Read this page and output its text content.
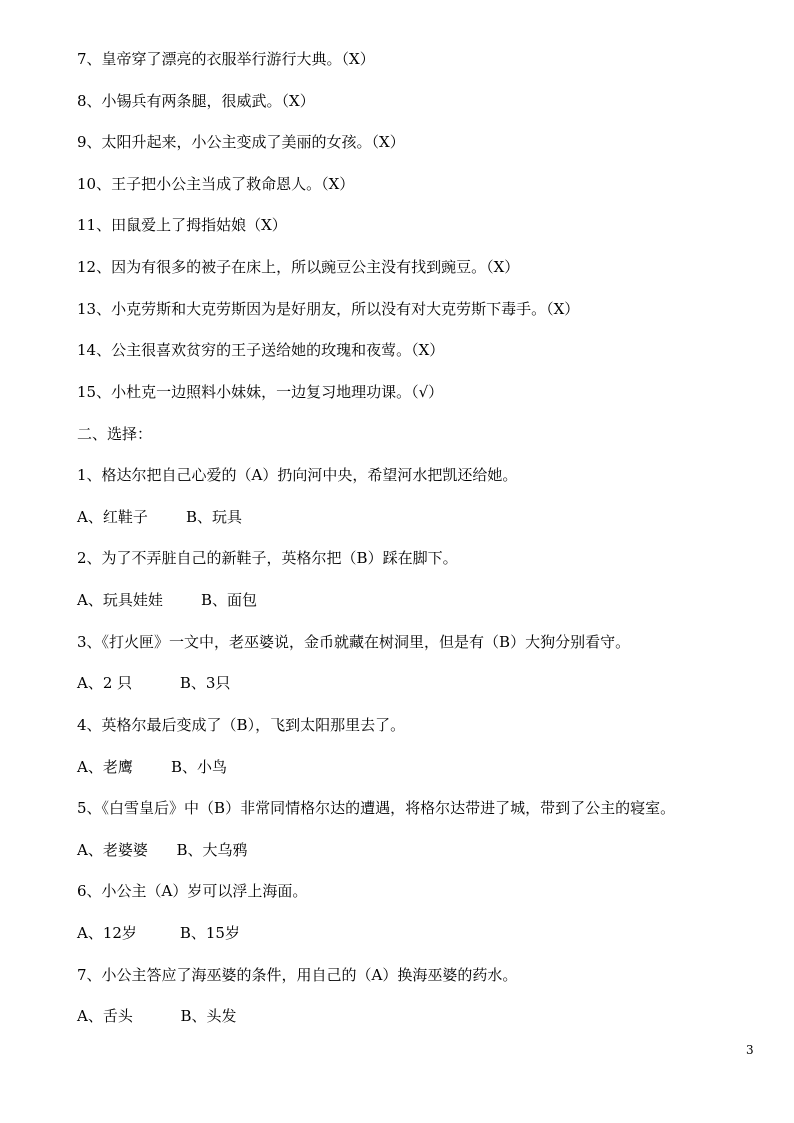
7、皇帝穿了漂亮的衣服举行游行大典。（X）
8、小锡兵有两条腿，很威武。（X）
9、太阳升起来，小公主变成了美丽的女孩。（X）
10、王子把小公主当成了救命恩人。（X）
11、田鼠爱上了拇指姑娘（X）
12、因为有很多的被子在床上，所以豌豆公主没有找到豌豆。（X）
13、小克劳斯和大克劳斯因为是好朋友，所以没有对大克劳斯下毒手。（X）
14、公主很喜欢贫穷的王子送给她的玫瑰和夜莺。（X）
15、小杜克一边照料小妹妹，一边复习地理功课。（√）
二、选择：
1、格达尔把自己心爱的（A）扔向河中央，希望河水把凯还给她。
A、红鞋子        B、玩具
2、为了不弄脏自己的新鞋子，英格尔把（B）踩在脚下。
A、玩具娃娃        B、面包
3、《打火匣》一文中，老巫婆说，金币就藏在树洞里，但是有（B）大狗分别看守。
A、2 只          B、3只
4、英格尔最后变成了（B），飞到太阳那里去了。
A、老鹰        B、小鸟
5、《白雪皇后》中（B）非常同情格尔达的遭遇，将格尔达带进了城，带到了公主的寝室。
A、老婆婆      B、大乌鸦
6、小公主（A）岁可以浮上海面。
A、12岁         B、15岁
7、小公主答应了海巫婆的条件，用自己的（A）换海巫婆的药水。
A、舌头          B、头发
3
